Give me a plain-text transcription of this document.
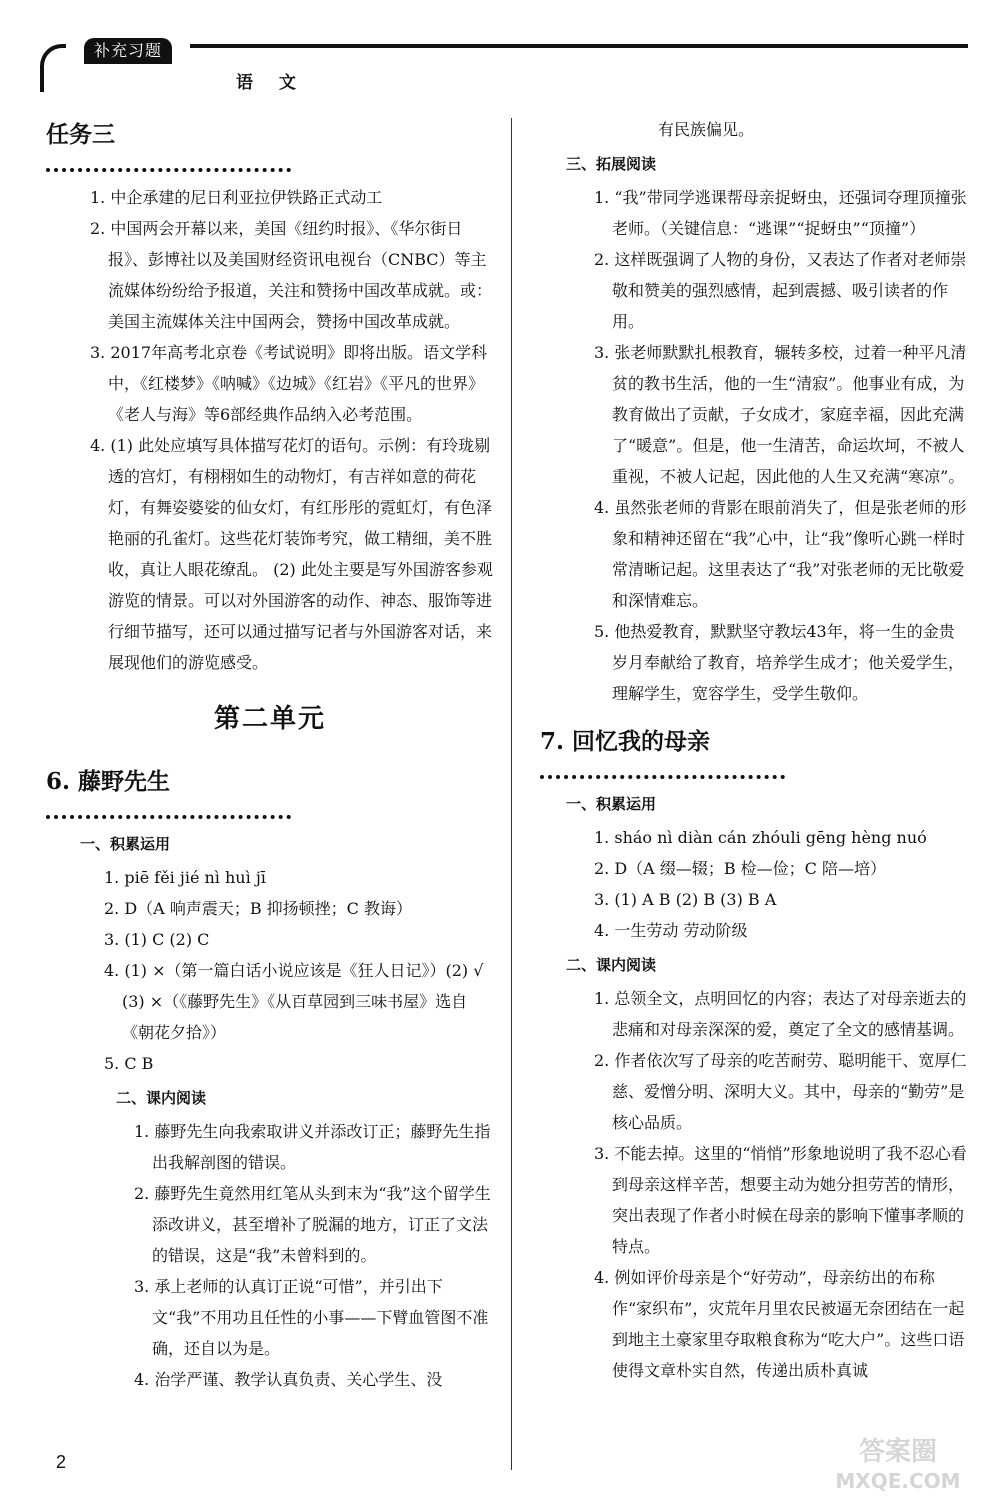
补充习题
语 文

任务三

1. 中企承建的尼日利亚拉伊铁路正式动工

2. 中国两会开幕以来，美国《纽约时报》、《华尔街日报》、彭博社以及美国财经资讯电视台（CNBC）等主流媒体纷纷给予报道，关注和赞扬中国改革成就。或：美国主流媒体关注中国两会，赞扬中国改革成就。

3. 2017年高考北京卷《考试说明》即将出版。语文学科中，《红楼梦》《呐喊》《边城》《红岩》《平凡的世界》《老人与海》等6部经典作品纳入必考范围。

4. (1) 此处应填写具体描写花灯的语句。示例：有玲珑剔透的宫灯，有栩栩如生的动物灯，有吉祥如意的荷花灯，有舞姿婆娑的仙女灯，有红彤彤的霓虹灯，有色泽艳丽的孔雀灯。这些花灯装饰考究，做工精细，美不胜收，真让人眼花缭乱。 (2) 此处主要是写外国游客参观游览的情景。可以对外国游客的动作、神态、服饰等进行细节描写，还可以通过描写记者与外国游客对话，来展现他们的游览感受。

第二单元

6. 藤野先生

一、积累运用

1. piē fěi jié nì huì jī

2. D（A 响声震天；B 抑扬顿挫；C 教诲）

3. (1) C (2) C

4. (1) ×（第一篇白话小说应该是《狂人日记》）(2) √ (3) ×（《藤野先生》《从百草园到三味书屋》选自《朝花夕拾》）

5. C B

二、课内阅读

1. 藤野先生向我索取讲义并添改订正；藤野先生指出我解剖图的错误。

2. 藤野先生竟然用红笔从头到末为“我”这个留学生添改讲义，甚至增补了脱漏的地方，订正了文法的错误，这是“我”未曾料到的。

3. 承上老师的认真订正说“可惜”，并引出下文“我”不用功且任性的小事——下臂血管图不准确，还自以为是。

4. 治学严谨、教学认真负责、关心学生、没

有民族偏见。

三、拓展阅读

1. “我”带同学逃课帮母亲捉蚜虫，还强词夺理顶撞张老师。（关键信息：“逃课”“捉蚜虫”“顶撞”）

2. 这样既强调了人物的身份，又表达了作者对老师崇敬和赞美的强烈感情，起到震撼、吸引读者的作用。

3. 张老师默默扎根教育，辗转多校，过着一种平凡清贫的教书生活，他的一生“清寂”。他事业有成，为教育做出了贡献，子女成才，家庭幸福，因此充满了“暖意”。但是，他一生清苦，命运坎坷，不被人重视，不被人记起，因此他的人生又充满“寒凉”。

4. 虽然张老师的背影在眼前消失了，但是张老师的形象和精神还留在“我”心中，让“我”像听心跳一样时常清晰记起。这里表达了“我”对张老师的无比敬爱和深情难忘。

5. 他热爱教育，默默坚守教坛43年，将一生的金贵岁月奉献给了教育，培养学生成才；他关爱学生，理解学生，宽容学生，受学生敬仰。

7. 回忆我的母亲

一、积累运用

1. sháo nì diàn cán zhóuli gēng hèng nuó

2. D（A 缀—辍；B 检—俭；C 陪—培）

3. (1) A B (2) B (3) B A

4. 一生劳动 劳动阶级

二、课内阅读

1. 总领全文，点明回忆的内容；表达了对母亲逝去的悲痛和对母亲深深的爱，奠定了全文的感情基调。

2. 作者依次写了母亲的吃苦耐劳、聪明能干、宽厚仁慈、爱憎分明、深明大义。其中，母亲的“勤劳”是核心品质。

3. 不能去掉。这里的“悄悄”形象地说明了我不忍心看到母亲这样辛苦，想要主动为她分担劳苦的情形，突出表现了作者小时候在母亲的影响下懂事孝顺的特点。

4. 例如评价母亲是个“好劳动”，母亲纺出的布称作“家织布”，灾荒年月里农民被逼无奈团结在一起到地主土豪家里夺取粮食称为“吃大户”。这些口语使得文章朴实自然，传递出质朴真诚

2	答案圈
MXQE.COM
